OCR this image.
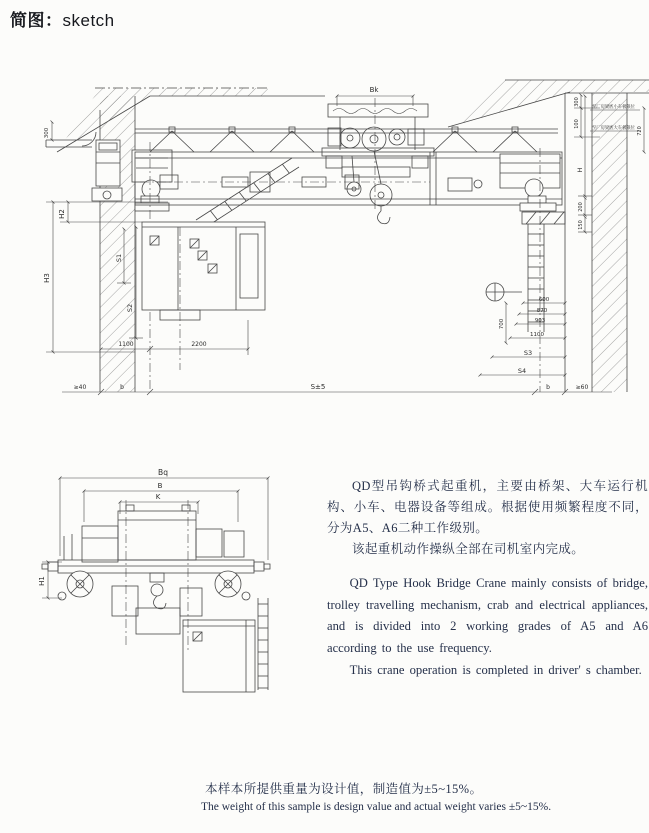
简图：sketch
Bk
300
H2
H3
S1
S2
1100	2200
≥40	b	S±5	b	≥60
600
870
903
1100
700
S3
S4
300
100
至厂房梁底小车极限位
至厂房梁底大车极限位 720
H
200
150
Bq
B
K
H1

QD型吊钩桥式起重机，主要由桥架、大车运行机构、小车、电器设备等组成。根据使用频繁程度不同，分为A5、A6二种工作级别。

该起重机动作操纵全部在司机室内完成。

QD Type Hook Bridge Crane mainly consists of bridge, trolley travelling mechanism, crab and electrical appliances, and is divided into 2 working grades of A5 and A6 according to the use frequency.

This crane operation is completed in driver' s chamber.

本样本所提供重量为设计值，制造值为±5~15%。

The weight of this sample is design value and actual weight varies ±5~15%.
